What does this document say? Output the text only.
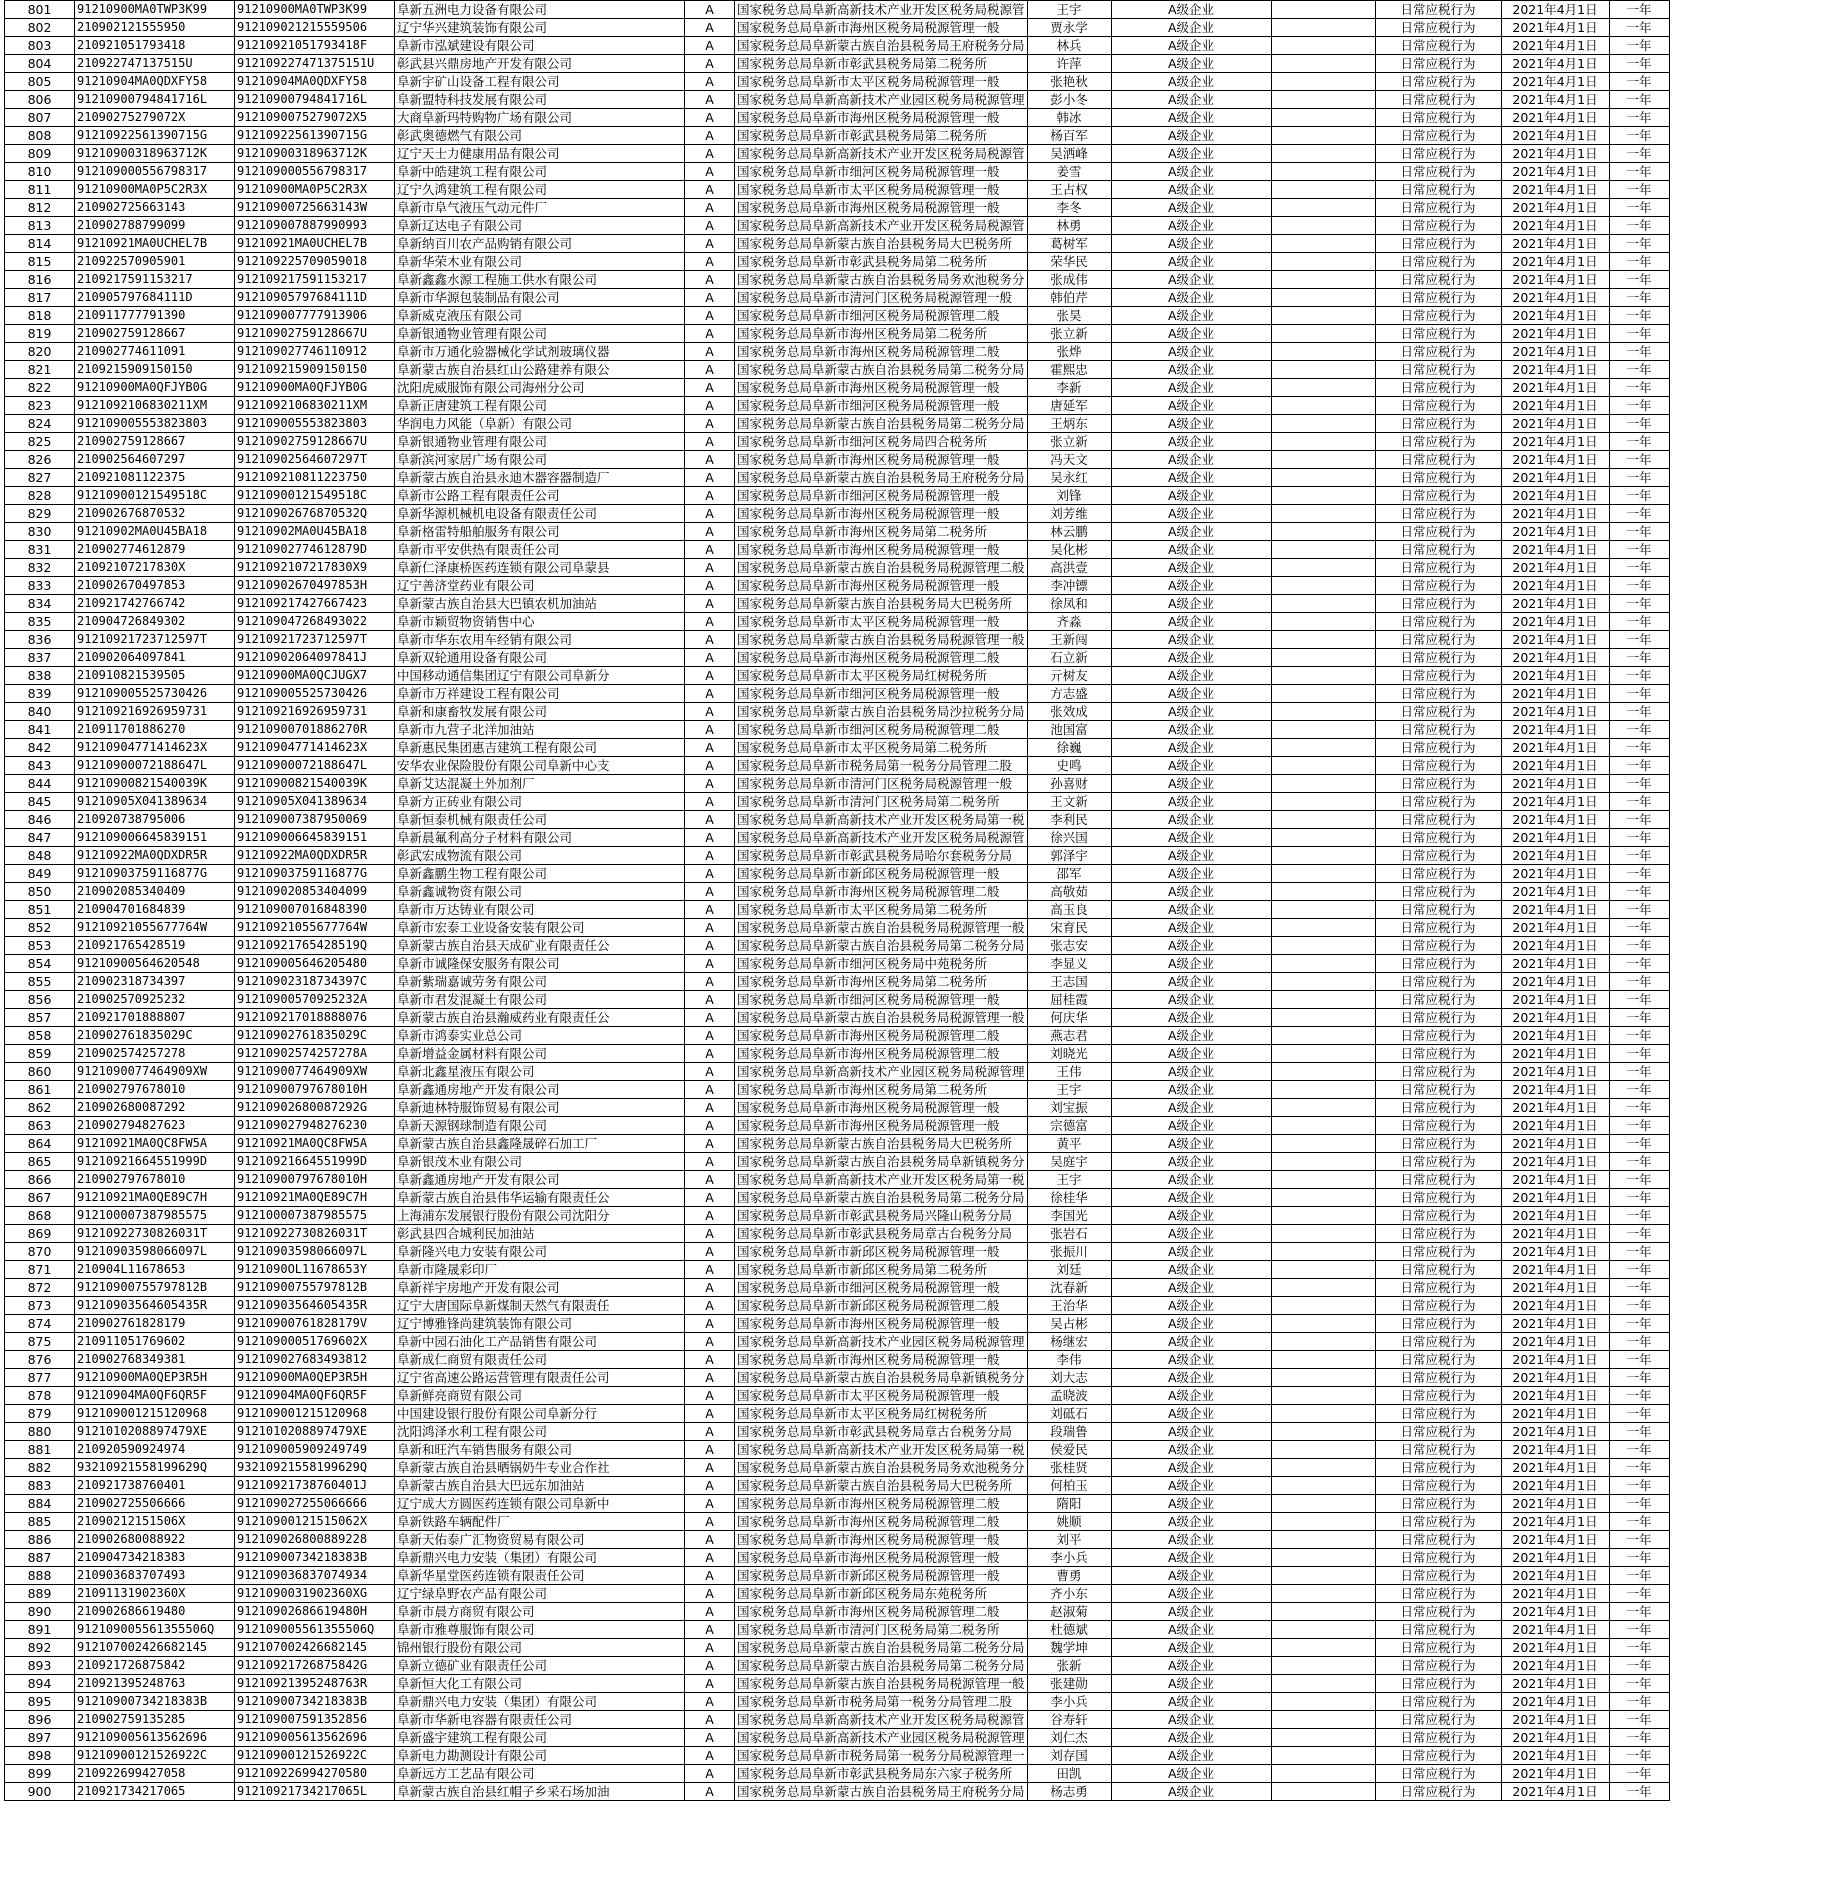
801	91210900MA0TWP3K99	91210900MA0TWP3K99	阜新五洲电力设备有限公司	A	国家税务总局阜新高新技术产业开发区税务局税源管	王宇	A级企业		日常应税行为	2021年4月1日	一年
802	210902121555950	912109021215559506	辽宁华兴建筑装饰有限公司	A	国家税务总局阜新市海州区税务局税源管理一般	贾永学	A级企业		日常应税行为	2021年4月1日	一年
803	210921051793418	91210921051793418F	阜新市泓斌建设有限公司	A	国家税务总局阜新蒙古族自治县税务局王府税务分局	林兵	A级企业		日常应税行为	2021年4月1日	一年
804	210922747137515U	912109227471375151U	彰武县兴鼎房地产开发有限公司	A	国家税务总局阜新市彰武县税务局第二税务所	许萍	A级企业		日常应税行为	2021年4月1日	一年
805	91210904MA0QDXFY58	91210904MA0QDXFY58	阜新宇矿山设备工程有限公司	A	国家税务总局阜新市太平区税务局税源管理一般	张艳秋	A级企业		日常应税行为	2021年4月1日	一年
806	91210900794841716L	91210900794841716L	阜新盟特科技发展有限公司	A	国家税务总局阜新高新技术产业园区税务局税源管理	彭小冬	A级企业		日常应税行为	2021年4月1日	一年
807	2109027527​9072X	91210900752790​72X5	大商阜新玛特购物广场有限公司	A	国家税务总局阜新市海州区税务局税源管理一般	韩冰	A级企业		日常应税行为	2021年4月1日	一年
808	91210922561390715G	91210922561390715G	彰武奥德燃气有限公司	A	国家税务总局阜新市彰武县税务局第二税务所	杨百军	A级企业		日常应税行为	2021年4月1日	一年
809	91210900318963712K	91210900318963712K	辽宁天士力健康用品有限公司	A	国家税务总局阜新高新技术产业开发区税务局税源管	吴洒峰	A级企业		日常应税行为	2021年4月1日	一年
810	91210900055679831​7	91210900055679831​7	阜新中皓建筑工程有限公司	A	国家税务总局阜新市细河区税务局税源管理一般	姜雪	A级企业		日常应税行为	2021年4月1日	一年
811	91210900MA0P5C2R3X	91210900MA0P5C2R3X	辽宁久鸿建筑工程有限公司	A	国家税务总局阜新市太平区税务局税源管理一般	王占权	A级企业		日常应税行为	2021年4月1日	一年
812	210902725663143	912109007256631​43W	阜新市阜气液压气动元件厂	A	国家税务总局阜新市海州区税务局税源管理一般	李冬	A级企业		日常应税行为	2021年4月1日	一年
813	210902788799099	91210900788799099​3	阜新辽达电子有限公司	A	国家税务总局阜新高新技术产业开发区税务局税源管	林勇	A级企业		日常应税行为	2021年4月1日	一年
814	91210921MA0UCHEL7B	91210921MA0UCHEL7B	阜新纳百川农产品购销有限公司	A	国家税务总局阜新蒙古族自治县税务局大巴税务所	葛树军	A级企业		日常应税行为	2021年4月1日	一年
815	210922570905901	91210922570905901​8	阜新华荣木业有限公司	A	国家税务总局阜新市彰武县税务局第二税务所	荣华民	A级企业		日常应税行为	2021年4月1日	一年
816	210921759115321​7	91210921759115321​7	阜新鑫鑫水源工程施工供水有限公司	A	国家税务总局阜新蒙古族自治县税务局务欢池税务分	张成伟	A级企业		日常应税行为	2021年4月1日	一年
817	210905797684111D	91210905797684111D	阜新市华源包装制品有限公司	A	国家税务总局阜新市清河门区税务局税源管理一般	韩伯芹	A级企业		日常应税行为	2021年4月1日	一年
818	210911777791390	91210900777791390​6	阜新威克液压有限公司	A	国家税务总局阜新市细河区税务局税源管理二般	张昊	A级企业		日常应税行为	2021年4月1日	一年
819	210902759128667	91210902759128667U	阜新银通物业管理有限公司	A	国家税务总局阜新市海州区税务局第二税务所	张立新	A级企业		日常应税行为	2021年4月1日	一年
820	210902774611091	91210902774611091​2	阜新市万通化验器械化学试剂玻璃仪器	A	国家税务总局阜新市海州区税务局税源管理二般	张烨	A级企业		日常应税行为	2021年4月1日	一年
821	210921590915015​0	91210921590915015​0	阜新蒙古族自治县红山公路建养有限公	A	国家税务总局阜新蒙古族自治县税务局第二税务分局	霍熙忠	A级企业		日常应税行为	2021年4月1日	一年
822	91210900MA0QFJYB0G	91210900MA0QFJYB0G	沈阳虎威服饰有限公司海州分公司	A	国家税务总局阜新市海州区税务局税源管理一般	李新	A级企业		日常应税行为	2021年4月1日	一年
823	91210921068302​11XM	91210921068302​11XM	阜新正唐建筑工程有限公司	A	国家税务总局阜新市细河区税务局税源管理一般	唐延军	A级企业		日常应税行为	2021年4月1日	一年
824	91210900555382380​3	91210900555382380​3	华润电力风能（阜新）有限公司	A	国家税务总局阜新蒙古族自治县税务局第二税务分局	王炳东	A级企业		日常应税行为	2021年4月1日	一年
825	210902759128667	91210902759128667U	阜新银通物业管理有限公司	A	国家税务总局阜新市细河区税务局四合税务所	张立新	A级企业		日常应税行为	2021年4月1日	一年
826	210902564607297	91210902564607297T	阜新滨河家居广场有限公司	A	国家税务总局阜新市海州区税务局税源管理一般	冯天文	A级企业		日常应税行为	2021年4月1日	一年
827	210921081122375	91210921081122375​0	阜新蒙古族自治县永迪木器容器制造厂	A	国家税务总局阜新蒙古族自治县税务局王府税务分局	吴永红	A级企业		日常应税行为	2021年4月1日	一年
828	91210900121549518C	91210900121549518C	阜新市公路工程有限责任公司	A	国家税务总局阜新市细河区税务局税源管理一般	刘锋	A级企业		日常应税行为	2021年4月1日	一年
829	210902676870532	91210902676870532Q	阜新华源机械机电设备有限责任公司	A	国家税务总局阜新市海州区税务局税源管理一般	刘芳维	A级企业		日常应税行为	2021年4月1日	一年
830	91210902MA0U45BA18	91210902MA0U45BA18	阜新格雷特船舶服务有限公司	A	国家税务总局阜新市海州区税务局第二税务所	林云鹏	A级企业		日常应税行为	2021年4月1日	一年
831	210902774612879	91210902774612879D	阜新市平安供热有限责任公司	A	国家税务总局阜新市海州区税务局税源管理一般	吴化彬	A级企业		日常应税行为	2021年4月1日	一年
832	21092107217830X	91210921072178​30X9	阜新仁泽康桥医药连锁有限公司阜蒙县	A	国家税务总局阜新蒙古族自治县税务局税源管理二般	高洪壹	A级企业		日常应税行为	2021年4月1日	一年
833	210902670497853	91210902670497853H	辽宁善济堂药业有限公司	A	国家税务总局阜新市海州区税务局税源管理一般	李冲镖	A级企业		日常应税行为	2021年4月1日	一年
834	210921742766742	91210921742766742​3	阜新蒙古族自治县大巴镇农机加油站	A	国家税务总局阜新蒙古族自治县税务局大巴税务所	徐凤和	A级企业		日常应税行为	2021年4月1日	一年
835	210904726849302	91210904726849302​2	阜新市颖贸物资销售中心	A	国家税务总局阜新市太平区税务局税源管理一般	齐淼	A级企业		日常应税行为	2021年4月1日	一年
836	91210921723712597T	91210921723712597T	阜新市华东农用车经销有限公司	A	国家税务总局阜新蒙古族自治县税务局税源管理一般	王新闯	A级企业		日常应税行为	2021年4月1日	一年
837	210902064097841	91210902064097841J	阜新双轮通用设备有限公司	A	国家税务总局阜新市海州区税务局税源管理二般	石立新	A级企业		日常应税行为	2021年4月1日	一年
838	210910821539505	91210900MA0QCJUGX7	中国移动通信集团辽宁有限公司阜新分	A	国家税务总局阜新市太平区税务局红树税务所	亓树友	A级企业		日常应税行为	2021年4月1日	一年
839	91210900552573042​6	91210900552573042​6	阜新市万祥建设工程有限公司	A	国家税务总局阜新市细河区税务局税源管理一般	方志盛	A级企业		日常应税行为	2021年4月1日	一年
840	91210921692695973​1	91210921692695973​1	阜新和康畜牧发展有限公司	A	国家税务总局阜新蒙古族自治县税务局沙拉税务分局	张效成	A级企业		日常应税行为	2021年4月1日	一年
841	210911701886270	91210900701886270R	阜新市九营子北洋加油站	A	国家税务总局阜新市细河区税务局税源管理二般	池国富	A级企业		日常应税行为	2021年4月1日	一年
842	91210904771414623X	91210904771414623X	阜新惠民集团惠吉建筑工程有限公司	A	国家税务总局阜新市太平区税务局第二税务所	徐巍	A级企业		日常应税行为	2021年4月1日	一年
843	91210900072188647L	91210900072188647L	安华农业保险股份有限公司阜新中心支	A	国家税务总局阜新市税务局第一税务分局管理二股	史鸣	A级企业		日常应税行为	2021年4月1日	一年
844	91210900821540039K	91210900821540039K	阜新艾达混凝土外加剂厂	A	国家税务总局阜新市清河门区税务局税源管理一般	孙喜财	A级企业		日常应税行为	2021年4月1日	一年
845	91210905X041389634	91210905X041389634	阜新方正砖业有限公司	A	国家税务总局阜新市清河门区税务局第二税务所	王文新	A级企业		日常应税行为	2021年4月1日	一年
846	210920738795006	91210900738795006​9	阜新恒泰机械有限责任公司	A	国家税务总局阜新高新技术产业开发区税务局第一税	李利民	A级企业		日常应税行为	2021年4月1日	一年
847	91210900664583915​1	91210900664583915​1	阜新晨氟利高分子材料有限公司	A	国家税务总局阜新高新技术产业开发区税务局税源管	徐兴国	A级企业		日常应税行为	2021年4月1日	一年
848	91210922MA0QDXDR5R	91210922MA0QDXDR5R	彰武宏成物流有限公司	A	国家税务总局阜新市彰武县税务局哈尔套税务分局	郭泽宇	A级企业		日常应税行为	2021年4月1日	一年
849	91210903759116877G	91210903759116877G	阜新鑫鹏生物工程有限公司	A	国家税务总局阜新市新邱区税务局税源管理一般	邵军	A级企业		日常应税行为	2021年4月1日	一年
850	210902085340409	91210902085340409​9	阜新鑫诚物资有限公司	A	国家税务总局阜新市海州区税务局税源管理二般	高敬茹	A级企业		日常应税行为	2021年4月1日	一年
851	210904701684839	91210900701684839​0	阜新市万达铸业有限公司	A	国家税务总局阜新市太平区税务局第二税务所	高玉良	A级企业		日常应税行为	2021年4月1日	一年
852	91210921055677764W	91210921055677764W	阜新市宏泰工业设备安装有限公司	A	国家税务总局阜新蒙古族自治县税务局税源管理一般	宋育民	A级企业		日常应税行为	2021年4月1日	一年
853	210921765428519	91210921765428519Q	阜新蒙古族自治县天成矿业有限责任公	A	国家税务总局阜新蒙古族自治县税务局第二税务分局	张志安	A级企业		日常应税行为	2021年4月1日	一年
854	91210900564620548	91210900564620548​0	阜新市诚隆保安服务有限公司	A	国家税务总局阜新市细河区税务局中苑税务所	李显义	A级企业		日常应税行为	2021年4月1日	一年
855	210902318734397	91210902318734397C	阜新紫瑞嘉诚劳务有限公司	A	国家税务总局阜新市海州区税务局第二税务所	王志国	A级企业		日常应税行为	2021年4月1日	一年
856	210902570925232	91210900570925232A	阜新市君发混凝土有限公司	A	国家税务总局阜新市细河区税务局税源管理一般	屈桂霞	A级企业		日常应税行为	2021年4月1日	一年
857	210921701888807	91210921701888807​6	阜新蒙古族自治县瀚威药业有限责任公	A	国家税务总局阜新蒙古族自治县税务局税源管理一般	何庆华	A级企业		日常应税行为	2021年4月1日	一年
858	210902761835029C	91210902761835029C	阜新市鸿泰实业总公司	A	国家税务总局阜新市海州区税务局税源管理二般	燕志君	A级企业		日常应税行为	2021年4月1日	一年
859	210902574257278	91210902574257278A	阜新增益金属材料有限公司	A	国家税务总局阜新市海州区税务局税源管理二般	刘晓光	A级企业		日常应税行为	2021年4月1日	一年
860	91210900774649​09XW	91210900774649​09XW	阜新北鑫星液压有限公司	A	国家税务总局阜新高新技术产业园区税务局税源管理	王伟	A级企业		日常应税行为	2021年4月1日	一年
861	210902797678010	91210900797678010H	阜新鑫通房地产开发有限公司	A	国家税务总局阜新市海州区税务局第二税务所	王宇	A级企业		日常应税行为	2021年4月1日	一年
862	210902680087292	91210902680087292G	阜新迪林特服饰贸易有限公司	A	国家税务总局阜新市海州区税务局税源管理一般	刘宝振	A级企业		日常应税行为	2021年4月1日	一年
863	210902794827623	91210902794827623​0	阜新天源钢球制造有限公司	A	国家税务总局阜新市海州区税务局税源管理一般	宗德富	A级企业		日常应税行为	2021年4月1日	一年
864	91210921MA0QC8FW5A	91210921MA0QC8FW5A	阜新蒙古族自治县鑫隆晟碎石加工厂	A	国家税务总局阜新蒙古族自治县税务局大巴税务所	黄平	A级企业		日常应税行为	2021年4月1日	一年
865	91210921664551999D	91210921664551999D	阜新银茂木业有限公司	A	国家税务总局阜新蒙古族自治县税务局阜新镇税务分	吴庭宇	A级企业		日常应税行为	2021年4月1日	一年
866	210902797678010	91210900797678010H	阜新鑫通房地产开发有限公司	A	国家税务总局阜新高新技术产业开发区税务局第一税	王宇	A级企业		日常应税行为	2021年4月1日	一年
867	91210921MA0QE89C7H	91210921MA0QE89C7H	阜新蒙古族自治县伟华运输有限责任公	A	国家税务总局阜新蒙古族自治县税务局第二税务分局	徐桂华	A级企业		日常应税行为	2021年4月1日	一年
868	91210000738798557​5	91210000738798557​5	上海浦东发展银行股份有限公司沈阳分	A	国家税务总局阜新市彰武县税务局兴隆山税务分局	李国光	A级企业		日常应税行为	2021年4月1日	一年
869	91210922730826031T	91210922730826031T	彰武县四合城利民加油站	A	国家税务总局阜新市彰武县税务局章古台税务分局	张岩石	A级企业		日常应税行为	2021年4月1日	一年
870	91210903598066097L	91210903598066097L	阜新隆兴电力安装有限公司	A	国家税务总局阜新市新邱区税务局税源管理一般	张振川	A级企业		日常应税行为	2021年4月1日	一年
871	210904L11678653	9121090OL11678653Y	阜新市隆晟彩印厂	A	国家税务总局阜新市新邱区税务局第二税务所	刘廷	A级企业		日常应税行为	2021年4月1日	一年
872	91210900755797812B	91210900755797812B	阜新祥宇房地产开发有限公司	A	国家税务总局阜新市细河区税务局税源管理一般	沈春新	A级企业		日常应税行为	2021年4月1日	一年
873	91210903564605435R	91210903564605435R	辽宁大唐国际阜新煤制天然气有限责任	A	国家税务总局阜新市新邱区税务局税源管理二般	王治华	A级企业		日常应税行为	2021年4月1日	一年
874	210902761828179	91210900761828179V	辽宁博雅锋尚建筑装饰有限公司	A	国家税务总局阜新市海州区税务局税源管理一般	吴占彬	A级企业		日常应税行为	2021年4月1日	一年
875	210911051769602	91210900051769602X	阜新中园石油化工产品销售有限公司	A	国家税务总局阜新高新技术产业园区税务局税源管理	杨继宏	A级企业		日常应税行为	2021年4月1日	一年
876	210902768349381	91210902768349381​2	阜新成仁商贸有限责任公司	A	国家税务总局阜新市海州区税务局税源管理一般	李伟	A级企业		日常应税行为	2021年4月1日	一年
877	91210900MA0QEP3R5H	91210900MA0QEP3R5H	辽宁省高速公路运营管理有限责任公司	A	国家税务总局阜新蒙古族自治县税务局阜新镇税务分	刘大志	A级企业		日常应税行为	2021年4月1日	一年
878	91210904MA0QF6QR5F	91210904MA0QF6QR5F	阜新鲜亮商贸有限公司	A	国家税务总局阜新市太平区税务局税源管理一般	孟晓波	A级企业		日常应税行为	2021年4月1日	一年
879	91210900121512096​8	91210900121512096​8	中国建设银行股份有限公司阜新分行	A	国家税务总局阜新市太平区税务局红树税务所	刘砥石	A级企业		日常应税行为	2021年4月1日	一年
880	91210102088974​79XE	91210102088974​79XE	沈阳鸿泽水利工程有限公司	A	国家税务总局阜新市彰武县税务局章古台税务分局	段瑞鲁	A级企业		日常应税行为	2021年4月1日	一年
881	210920590924974	91210900590924974​9	阜新和旺汽车销售服务有限公司	A	国家税务总局阜新高新技术产业开发区税务局第一税	侯爱民	A级企业		日常应税行为	2021年4月1日	一年
882	93210921558199629Q	93210921558199629Q	阜新蒙古族自治县晒锅奶牛专业合作社	A	国家税务总局阜新蒙古族自治县税务局务欢池税务分	张桂贤	A级企业		日常应税行为	2021年4月1日	一年
883	210921738760401	91210921738760401J	阜新蒙古族自治县大巴远东加油站	A	国家税务总局阜新蒙古族自治县税务局大巴税务所	何柏玉	A级企业		日常应税行为	2021年4月1日	一年
884	210902725506666	91210902725506666​6	辽宁成大方圆医药连锁有限公司阜新中	A	国家税务总局阜新市海州区税务局税源管理二般	隋阳	A级企业		日常应税行为	2021年4月1日	一年
885	21090212151506X	91210900121515062X	阜新铁路车辆配件厂	A	国家税务总局阜新市海州区税务局税源管理二般	姚顺	A级企业		日常应税行为	2021年4月1日	一年
886	210902680088922	91210902680088922​8	阜新天佑泰广汇物资贸易有限公司	A	国家税务总局阜新市海州区税务局税源管理一般	刘平	A级企业		日常应税行为	2021年4月1日	一年
887	210904734218383	91210900734218383B	阜新鼎兴电力安装（集团）有限公司	A	国家税务总局阜新市海州区税务局税源管理一般	李小兵	A级企业		日常应税行为	2021年4月1日	一年
888	210903683707493	91210903683707493​4	阜新华星堂医药连锁有限责任公司	A	国家税务总局阜新市新邱区税务局税源管理一般	曹勇	A级企业		日常应税行为	2021年4月1日	一年
889	21091131902360X	91210900319023​60XG	辽宁绿阜野农产品有限公司	A	国家税务总局阜新市新邱区税务局东苑税务所	齐小东	A级企业		日常应税行为	2021年4月1日	一年
890	210902686619480	91210902686619480H	阜新市晨方商贸有限公司	A	国家税务总局阜新市海州区税务局税源管理二般	赵淑菊	A级企业		日常应税行为	2021年4月1日	一年
891	91210900556135550​6Q	91210900556135550​6Q	阜新市雅尊服饰有限公司	A	国家税务总局阜新市清河门区税务局第二税务所	杜德斌	A级企业		日常应税行为	2021年4月1日	一年
892	91210700242668214​5	91210700242668214​5	锦州银行股份有限公司	A	国家税务总局阜新蒙古族自治县税务局第二税务分局	魏学坤	A级企业		日常应税行为	2021年4月1日	一年
893	210921726875842	91210921726875842G	阜新立德矿业有限责任公司	A	国家税务总局阜新蒙古族自治县税务局第二税务分局	张新	A级企业		日常应税行为	2021年4月1日	一年
894	210921395248763	91210921395248763R	阜新恒大化工有限公司	A	国家税务总局阜新蒙古族自治县税务局税源管理一般	张建勋	A级企业		日常应税行为	2021年4月1日	一年
895	91210900734218383B	91210900734218383B	阜新鼎兴电力安装（集团）有限公司	A	国家税务总局阜新市税务局第一税务分局管理二股	李小兵	A级企业		日常应税行为	2021年4月1日	一年
896	210902759135285	91210900759135285​6	阜新市华新电容器有限责任公司	A	国家税务总局阜新高新技术产业开发区税务局税源管	谷寿轩	A级企业		日常应税行为	2021年4月1日	一年
897	91210900561356269​6	91210900561356269​6	阜新盛宇建筑工程有限公司	A	国家税务总局阜新高新技术产业园区税务局税源管理	刘仁杰	A级企业		日常应税行为	2021年4月1日	一年
898	91210900121526922C	91210900121526922C	阜新电力勘测设计有限公司	A	国家税务总局阜新市税务局第一税务分局税源管理一	刘存国	A级企业		日常应税行为	2021年4月1日	一年
899	210922699427058	91210922699427058​0	阜新远方工艺品有限公司	A	国家税务总局阜新市彰武县税务局东六家子税务所	田凯	A级企业		日常应税行为	2021年4月1日	一年
900	210921734217065	91210921734217065L	阜新蒙古族自治县红帽子乡采石场加油	A	国家税务总局阜新蒙古族自治县税务局王府税务分局	杨志勇	A级企业		日常应税行为	2021年4月1日	一年
